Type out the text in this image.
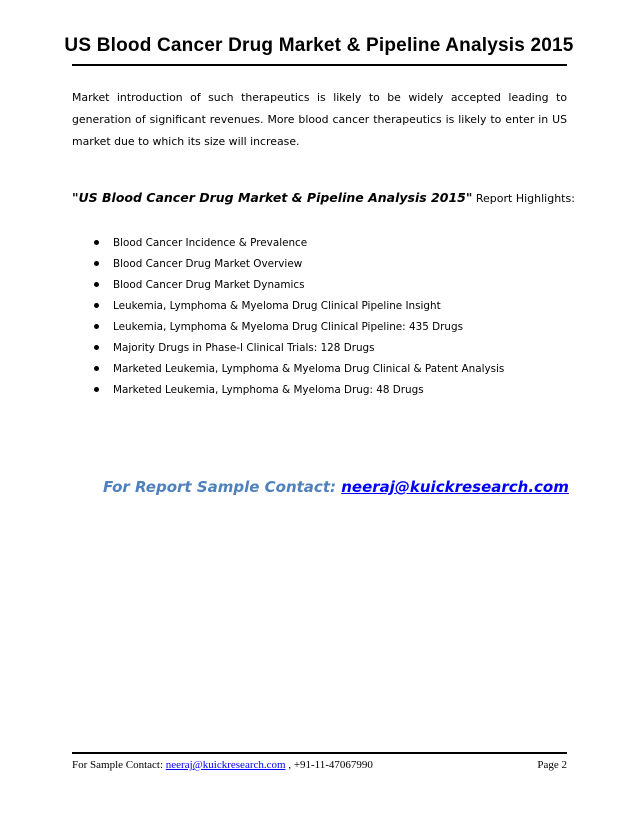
US Blood Cancer Drug Market & Pipeline Analysis 2015

Market introduction of such therapeutics is likely to be widely accepted leading to generation of significant revenues. More blood cancer therapeutics is likely to enter in US market due to which its size will increase.

"US Blood Cancer Drug Market & Pipeline Analysis 2015" Report Highlights:

Blood Cancer Incidence & Prevalence
Blood Cancer Drug Market Overview
Blood Cancer Drug Market Dynamics
Leukemia, Lymphoma & Myeloma Drug Clinical Pipeline Insight
Leukemia, Lymphoma & Myeloma Drug Clinical Pipeline: 435 Drugs
Majority Drugs in Phase-I Clinical Trials: 128 Drugs
Marketed Leukemia, Lymphoma & Myeloma Drug Clinical & Patent Analysis
Marketed Leukemia, Lymphoma & Myeloma Drug: 48 Drugs
For Report Sample Contact: neeraj@kuickresearch.com
For Sample Contact: neeraj@kuickresearch.com , +91-11-47067990	Page 2
